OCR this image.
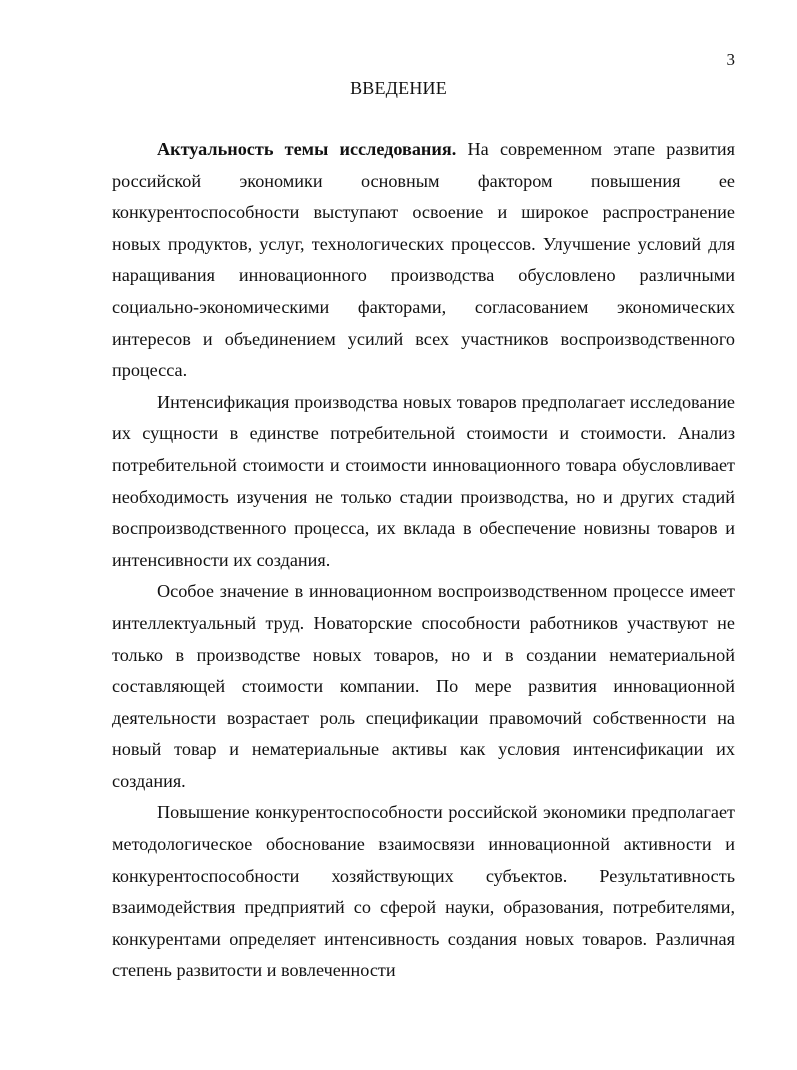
3
ВВЕДЕНИЕ

Актуальность темы исследования. На современном этапе развития российской экономики основным фактором повышения ее конкурентоспособности выступают освоение и широкое распространение новых продуктов, услуг, технологических процессов. Улучшение условий для наращивания инновационного производства обусловлено различными социально-экономическими факторами, согласованием экономических интересов и объединением усилий всех участников воспроизводственного процесса.

Интенсификация производства новых товаров предполагает исследование их сущности в единстве потребительной стоимости и стоимости. Анализ потребительной стоимости и стоимости инновационного товара обусловливает необходимость изучения не только стадии производства, но и других стадий воспроизводственного процесса, их вклада в обеспечение новизны товаров и интенсивности их создания.

Особое значение в инновационном воспроизводственном процессе имеет интеллектуальный труд. Новаторские способности работников участвуют не только в производстве новых товаров, но и в создании нематериальной составляющей стоимости компании. По мере развития инновационной деятельности возрастает роль спецификации правомочий собственности на новый товар и нематериальные активы как условия интенсификации их создания.

Повышение конкурентоспособности российской экономики предполагает методологическое обоснование взаимосвязи инновационной активности и конкурентоспособности хозяйствующих субъектов. Результативность взаимодействия предприятий со сферой науки, образования, потребителями, конкурентами определяет интенсивность создания новых товаров. Различная степень развитости и вовлеченности
